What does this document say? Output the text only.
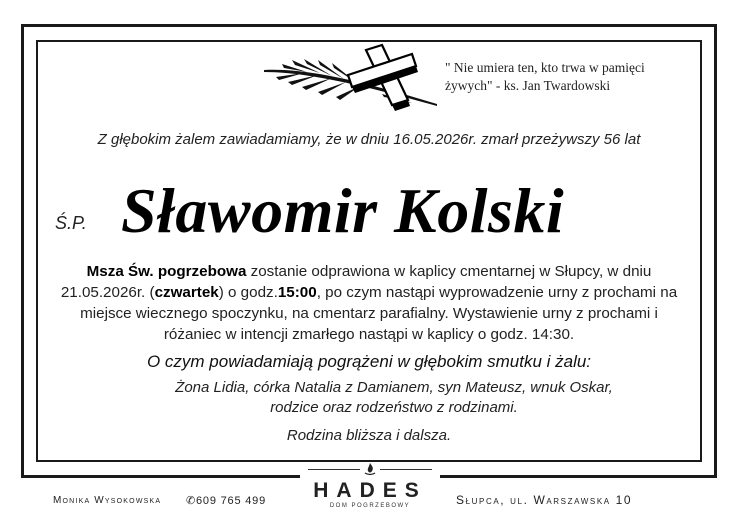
" Nie umiera ten, kto trwa w pamięci
żywych" - ks. Jan Twardowski
Z głębokim żalem zawiadamiamy, że w dniu 16.05.2026r. zmarł przeżywszy 56 lat
Ś.P. Sławomir Kolski
Msza Św. pogrzebowa zostanie odprawiona w kaplicy cmentarnej w Słupcy, w dniu 21.05.2026r. (czwartek) o godz.15:00, po czym nastąpi wyprowadzenie urny z prochami na miejsce wiecznego spoczynku, na cmentarz parafialny. Wystawienie urny z prochami i różaniec w intencji zmarłego nastąpi w kaplicy o godz. 14:30.
O czym powiadamiają pogrążeni w głębokim smutku i żalu:
Żona Lidia, córka Natalia z Damianem, syn Mateusz, wnuk Oskar,
rodzice oraz rodzeństwo z rodzinami.
Rodzina bliższa i dalsza.
Monika Wysokowska ✆609 765 499	Słupca, ul. Warszawska 10
HADES
DOM POGRZEBOWY
